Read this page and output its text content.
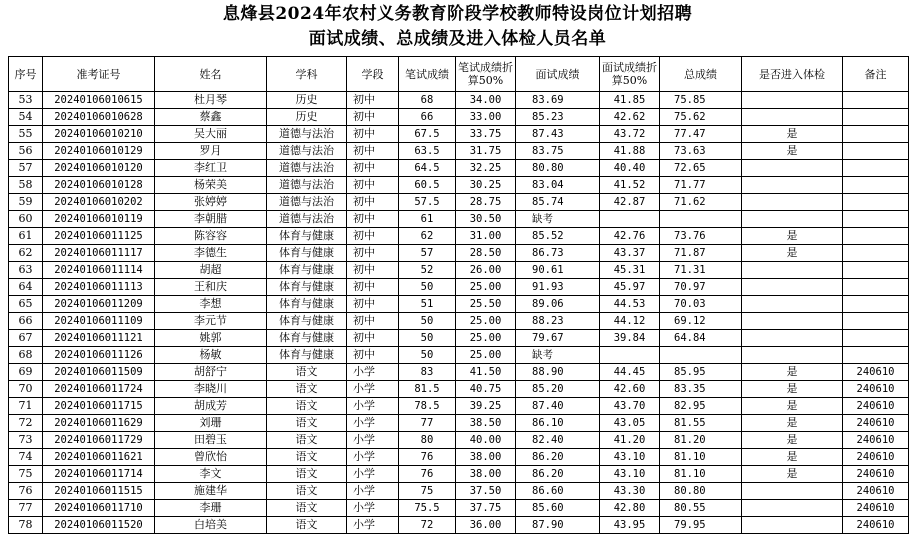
息烽县2024年农村义务教育阶段学校教师特设岗位计划招聘
面试成绩、总成绩及进入体检人员名单
序号	准考证号	姓名	学科	学段	笔试成绩	笔试成绩折算50%	面试成绩	面试成绩折算50%	总成绩	是否进入体检	备注
53	20240106010615	杜月琴	历史	初中	68	34.00	83.69	41.85	75.85		
54	20240106010628	蔡鑫	历史	初中	66	33.00	85.23	42.62	75.62		
55	20240106010210	吴大丽	道德与法治	初中	67.5	33.75	87.43	43.72	77.47	是	
56	20240106010129	罗月	道德与法治	初中	63.5	31.75	83.75	41.88	73.63	是	
57	20240106010120	李红卫	道德与法治	初中	64.5	32.25	80.80	40.40	72.65		
58	20240106010128	杨荣美	道德与法治	初中	60.5	30.25	83.04	41.52	71.77		
59	20240106010202	张婷婷	道德与法治	初中	57.5	28.75	85.74	42.87	71.62		
60	20240106010119	李朝腊	道德与法治	初中	61	30.50	缺考				
61	20240106011125	陈容容	体育与健康	初中	62	31.00	85.52	42.76	73.76	是	
62	20240106011117	李德生	体育与健康	初中	57	28.50	86.73	43.37	71.87	是	
63	20240106011114	胡超	体育与健康	初中	52	26.00	90.61	45.31	71.31		
64	20240106011113	王和庆	体育与健康	初中	50	25.00	91.93	45.97	70.97		
65	20240106011209	李想	体育与健康	初中	51	25.50	89.06	44.53	70.03		
66	20240106011109	李元节	体育与健康	初中	50	25.00	88.23	44.12	69.12		
67	20240106011121	姚郭	体育与健康	初中	50	25.00	79.67	39.84	64.84		
68	20240106011126	杨敏	体育与健康	初中	50	25.00	缺考				
69	20240106011509	胡舒宁	语文	小学	83	41.50	88.90	44.45	85.95	是	240610
70	20240106011724	李晓川	语文	小学	81.5	40.75	85.20	42.60	83.35	是	240610
71	20240106011715	胡成芳	语文	小学	78.5	39.25	87.40	43.70	82.95	是	240610
72	20240106011629	刘珊	语文	小学	77	38.50	86.10	43.05	81.55	是	240610
73	20240106011729	田碧玉	语文	小学	80	40.00	82.40	41.20	81.20	是	240610
74	20240106011621	曾欣怡	语文	小学	76	38.00	86.20	43.10	81.10	是	240610
75	20240106011714	李文	语文	小学	76	38.00	86.20	43.10	81.10	是	240610
76	20240106011515	施建华	语文	小学	75	37.50	86.60	43.30	80.80		240610
77	20240106011710	李珊	语文	小学	75.5	37.75	85.60	42.80	80.55		240610
78	20240106011520	白培美	语文	小学	72	36.00	87.90	43.95	79.95		240610
